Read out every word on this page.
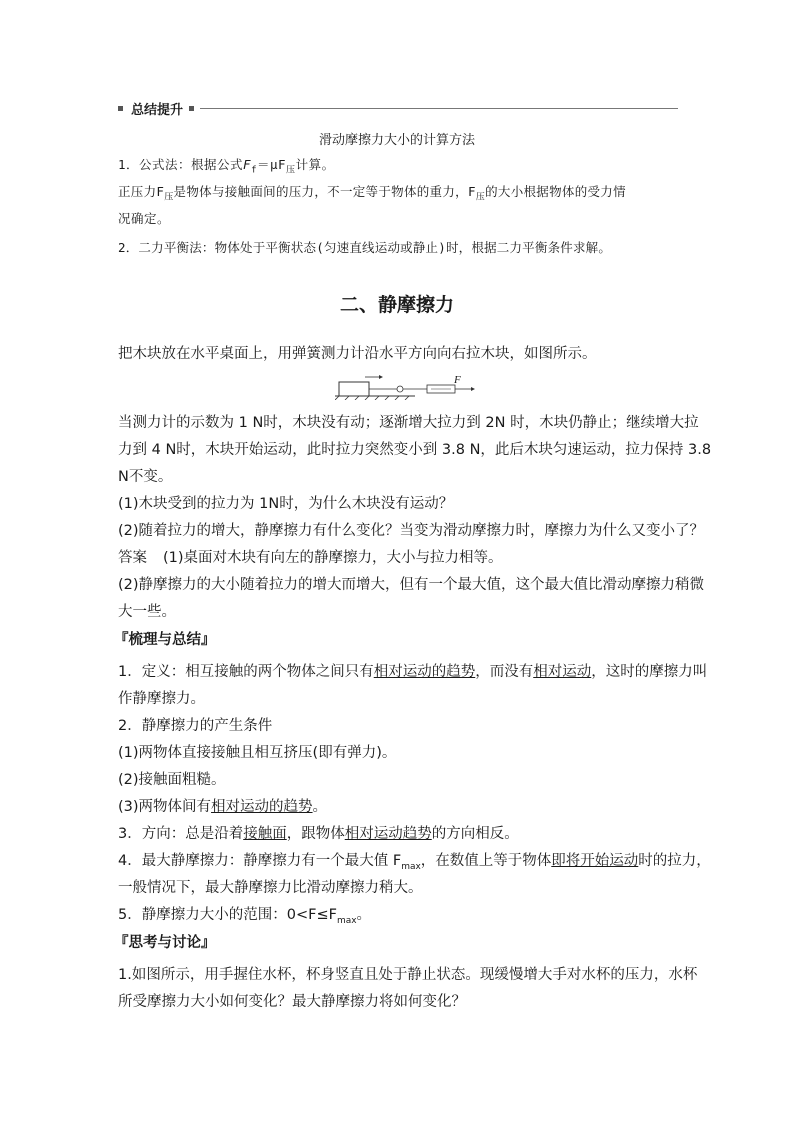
总结提升
滑动摩擦力大小的计算方法
1．公式法：根据公式$F_f=\mu F_压$计算。
正压力$F_压$是物体与接触面间的压力，不一定等于物体的重力，$F_压$的大小根据物体的受力情
况确定。
2．二力平衡法：物体处于平衡状态(匀速直线运动或静止)时，根据二力平衡条件求解。
二、静摩擦力
把木块放在水平桌面上，用弹簧测力计沿水平方向向右拉木块，如图所示。
F
当测力计的示数为 1 N时，木块没有动；逐渐增大拉力到 2N 时，木块仍静止；继续增大拉
力到 4 N时，木块开始运动，此时拉力突然变小到 3.8 N，此后木块匀速运动，拉力保持 3.8
N不变。
(1)木块受到的拉力为 1N时，为什么木块没有运动？
(2)随着拉力的增大，静摩擦力有什么变化？当变为滑动摩擦力时，摩擦力为什么又变小了？
答案 (1)桌面对木块有向左的静摩擦力，大小与拉力相等。
(2)静摩擦力的大小随着拉力的增大而增大，但有一个最大值，这个最大值比滑动摩擦力稍微
大一些。
『梳理与总结』
1．定义：相互接触的两个物体之间只有相对运动的趋势，而没有相对运动，这时的摩擦力叫
作静摩擦力。
2．静摩擦力的产生条件
(1)两物体直接接触且相互挤压(即有弹力)。
(2)接触面粗糙。
(3)两物体间有相对运动的趋势。
3．方向：总是沿着接触面，跟物体相对运动趋势的方向相反。
4．最大静摩擦力：静摩擦力有一个最大值 $F_{max}$，在数值上等于物体即将开始运动时的拉力，
一般情况下，最大静摩擦力比滑动摩擦力稍大。
5．静摩擦力大小的范围：$0<F\le F_{max}$。
『思考与讨论』
1.如图所示，用手握住水杯，杯身竖直且处于静止状态。现缓慢增大手对水杯的压力，水杯
所受摩擦力大小如何变化？最大静摩擦力将如何变化？
